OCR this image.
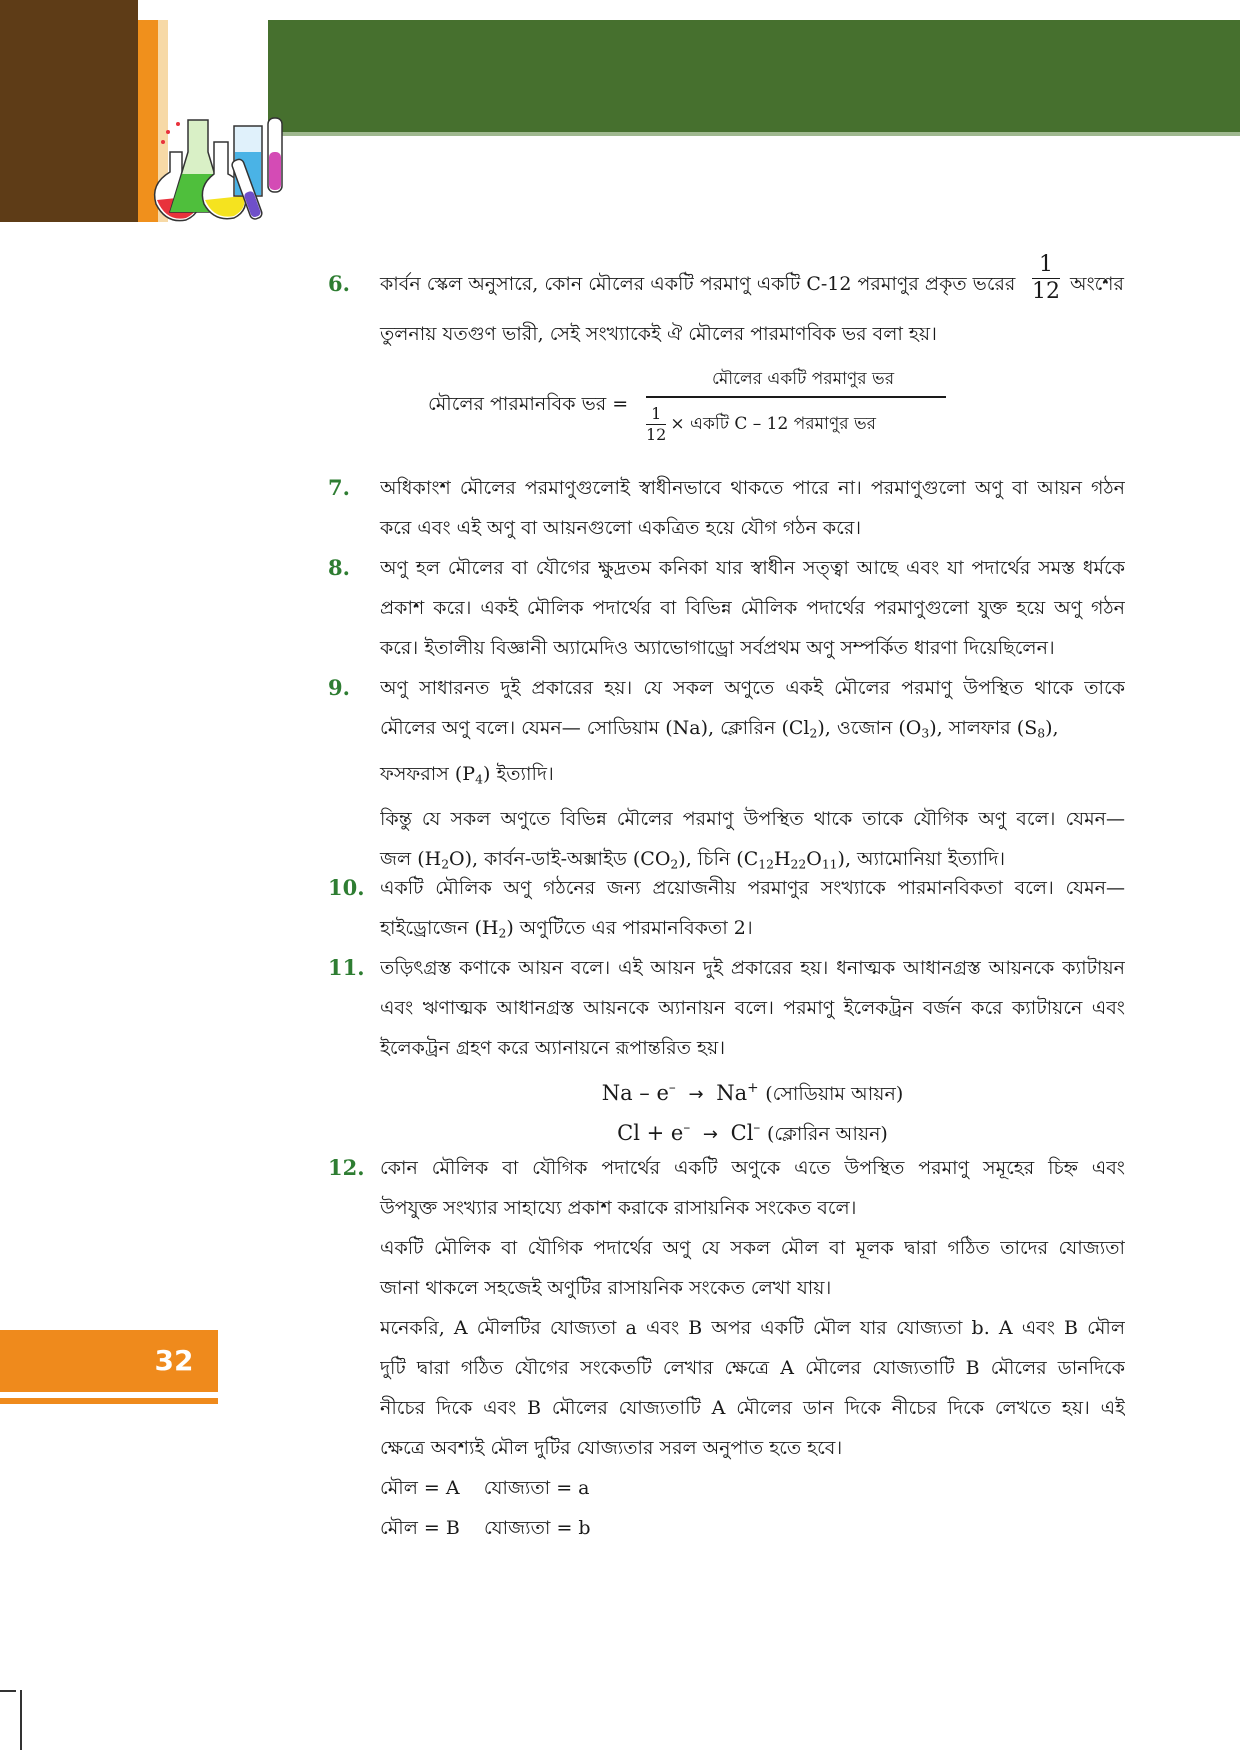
32
6.	কার্বন স্কেল অনুসারে, কোন মৌলের একটি পরমাণু একটি C-12 পরমাণুর প্রকৃত ভরের $\frac{1}{12}$ অংশের
তুলনায় যতগুণ ভারী, সেই সংখ্যাকেই ঐ মৌলের পারমাণবিক ভর বলা হয়।
মৌলের পারমানবিক ভর =
মৌলের একটি পরমাণুর ভর
$\frac{1}{12}$ × একটি C – 12 পরমাণুর ভর
7.	অধিকাংশ মৌলের পরমাণুগুলোই স্বাধীনভাবে থাকতে পারে না। পরমাণুগুলো অণু বা আয়ন গঠন
করে এবং এই অণু বা আয়নগুলো একত্রিত হয়ে যৌগ গঠন করে।
8.	অণু হল মৌলের বা যৌগের ক্ষুদ্রতম কনিকা যার স্বাধীন সত্ত্বা আছে এবং যা পদার্থের সমস্ত ধর্মকে
প্রকাশ করে। একই মৌলিক পদার্থের বা বিভিন্ন মৌলিক পদার্থের পরমাণুগুলো যুক্ত হয়ে অণু গঠন
করে। ইতালীয় বিজ্ঞানী অ্যামেদিও অ্যাভোগাড্রো সর্বপ্রথম অণু সম্পর্কিত ধারণা দিয়েছিলেন।
9.	অণু সাধারনত দুই প্রকারের হয়। যে সকল অণুতে একই মৌলের পরমাণু উপস্থিত থাকে তাকে
মৌলের অণু বলে। যেমন— সোডিয়াম (Na), ক্লোরিন $(Cl_2)$, ওজোন $(O_3)$, সালফার $(S_8)$,
ফসফরাস $(P_4)$ ইত্যাদি।
কিন্তু যে সকল অণুতে বিভিন্ন মৌলের পরমাণু উপস্থিত থাকে তাকে যৌগিক অণু বলে। যেমন—
জল $(H_2O)$, কার্বন-ডাই-অক্সাইড $(CO_2)$, চিনি $(C_{12}H_{22}O_{11})$, অ্যামোনিয়া ইত্যাদি।
10. একটি মৌলিক অণু গঠনের জন্য প্রয়োজনীয় পরমাণুর সংখ্যাকে পারমানবিকতা বলে। যেমন—
হাইড্রোজেন $(H_2)$ অণুটিতে এর পারমানবিকতা 2।
11. তড়িৎগ্রস্ত কণাকে আয়ন বলে। এই আয়ন দুই প্রকারের হয়। ধনাত্মক আধানগ্রস্ত আয়নকে ক্যাটায়ন
এবং ঋণাত্মক আধানগ্রস্ত আয়নকে অ্যানায়ন বলে। পরমাণু ইলেকট্রন বর্জন করে ক্যাটায়নে এবং
ইলেকট্রন গ্রহণ করে অ্যানায়নে রূপান্তরিত হয়।
Na – e– → Na+ (সোডিয়াম আয়ন)
Cl + e– → Cl– (ক্লোরিন আয়ন)
12. কোন মৌলিক বা যৌগিক পদার্থের একটি অণুকে এতে উপস্থিত পরমাণু সমূহের চিহ্ন এবং
উপযুক্ত সংখ্যার সাহায্যে প্রকাশ করাকে রাসায়নিক সংকেত বলে।
একটি মৌলিক বা যৌগিক পদার্থের অণু যে সকল মৌল বা মূলক দ্বারা গঠিত তাদের যোজ্যতা
জানা থাকলে সহজেই অণুটির রাসায়নিক সংকেত লেখা যায়।
মনেকরি, A মৌলটির যোজ্যতা a এবং B অপর একটি মৌল যার যোজ্যতা b. A এবং B মৌল
দুটি দ্বারা গঠিত যৌগের সংকেতটি লেখার ক্ষেত্রে A মৌলের যোজ্যতাটি B মৌলের ডানদিকে
নীচের দিকে এবং B মৌলের যোজ্যতাটি A মৌলের ডান দিকে নীচের দিকে লেখতে হয়। এই
ক্ষেত্রে অবশ্যই মৌল দুটির যোজ্যতার সরল অনুপাত হতে হবে।
মৌল = A    যোজ্যতা = a
মৌল = B    যোজ্যতা = b
